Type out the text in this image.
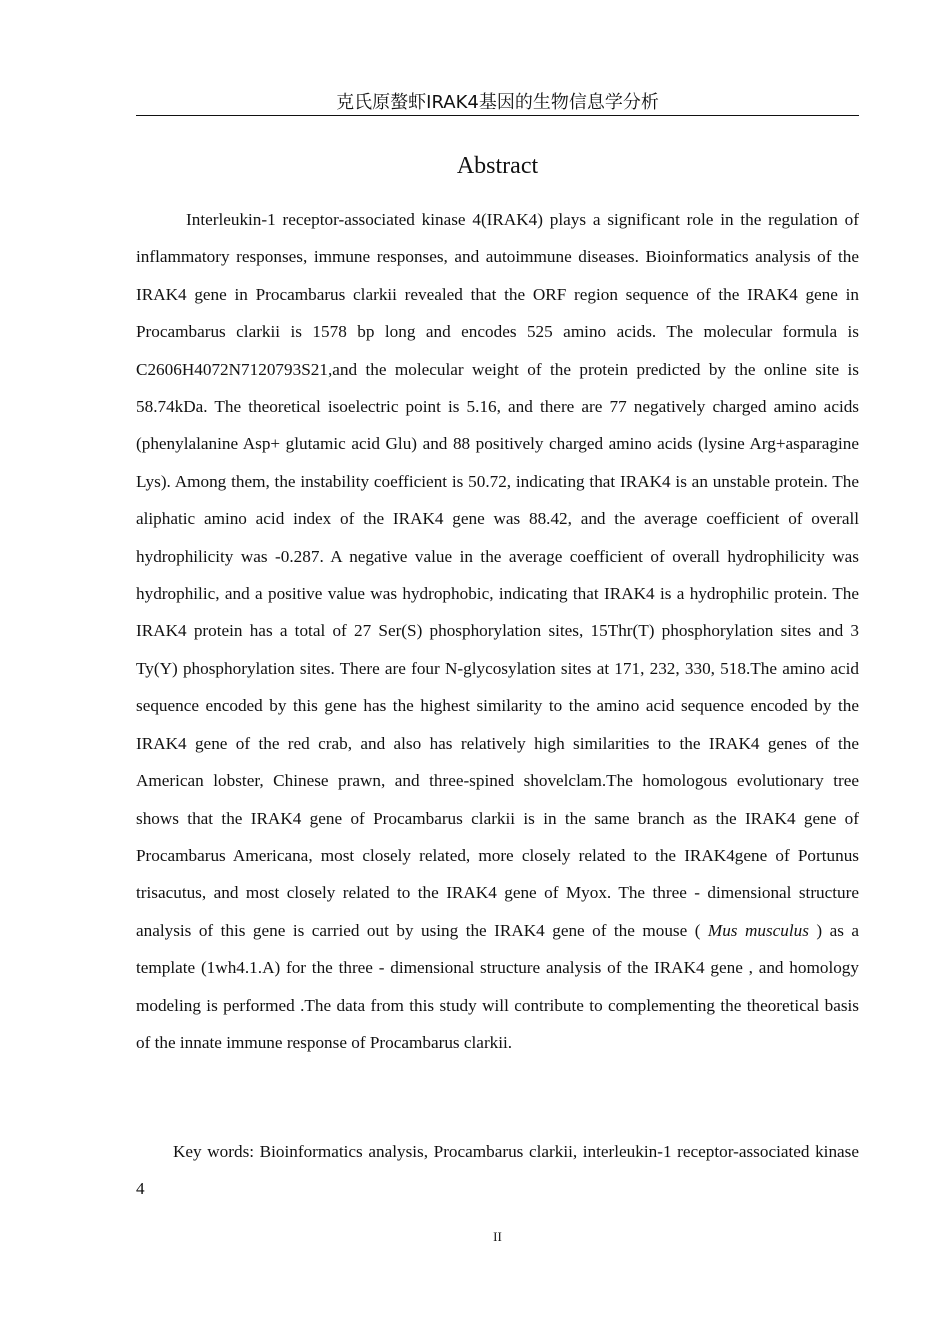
克氏原螯虾IRAK4基因的生物信息学分析
Abstract

Interleukin-1 receptor-associated kinase 4(IRAK4) plays a significant role in the regulation of inflammatory responses, immune responses, and autoimmune diseases. Bioinformatics analysis of the IRAK4 gene in Procambarus clarkii revealed that the ORF region sequence of the IRAK4 gene in Procambarus clarkii is 1578 bp long and encodes 525 amino acids. The molecular formula is C2606H4072N7120793S21,and the molecular weight of the protein predicted by the online site is 58.74kDa. The theoretical isoelectric point is 5.16, and there are 77 negatively charged amino acids (phenylalanine Asp+ glutamic acid Glu) and 88 positively charged amino acids (lysine Arg+asparagine Lys). Among them, the instability coefficient is 50.72, indicating that IRAK4 is an unstable protein. The aliphatic amino acid index of the IRAK4 gene was 88.42, and the average coefficient of overall hydrophilicity was -0.287. A negative value in the average coefficient of overall hydrophilicity was hydrophilic, and a positive value was hydrophobic, indicating that IRAK4 is a hydrophilic protein. The IRAK4 protein has a total of 27 Ser(S) phosphorylation sites, 15Thr(T) phosphorylation sites and 3 Ty(Y) phosphorylation sites. There are four N-glycosylation sites at 171, 232, 330, 518.The amino acid sequence encoded by this gene has the highest similarity to the amino acid sequence encoded by the IRAK4 gene of the red crab, and also has relatively high similarities to the IRAK4 genes of the American lobster, Chinese prawn, and three-spined shovelclam.The homologous evolutionary tree shows that the IRAK4 gene of Procambarus clarkii is in the same branch as the IRAK4 gene of Procambarus Americana, most closely related, more closely related to the IRAK4gene of Portunus trisacutus, and most closely related to the IRAK4 gene of Myox. The three - dimensional structure analysis of this gene is carried out by using the IRAK4 gene of the mouse ( Mus musculus ) as a template (1wh4.1.A) for the three - dimensional structure analysis of the IRAK4 gene , and homology modeling is performed .The data from this study will contribute to complementing the theoretical basis of the innate immune response of Procambarus clarkii.

Key words: Bioinformatics analysis, Procambarus clarkii, interleukin-1 receptor-associated kinase 4

II
